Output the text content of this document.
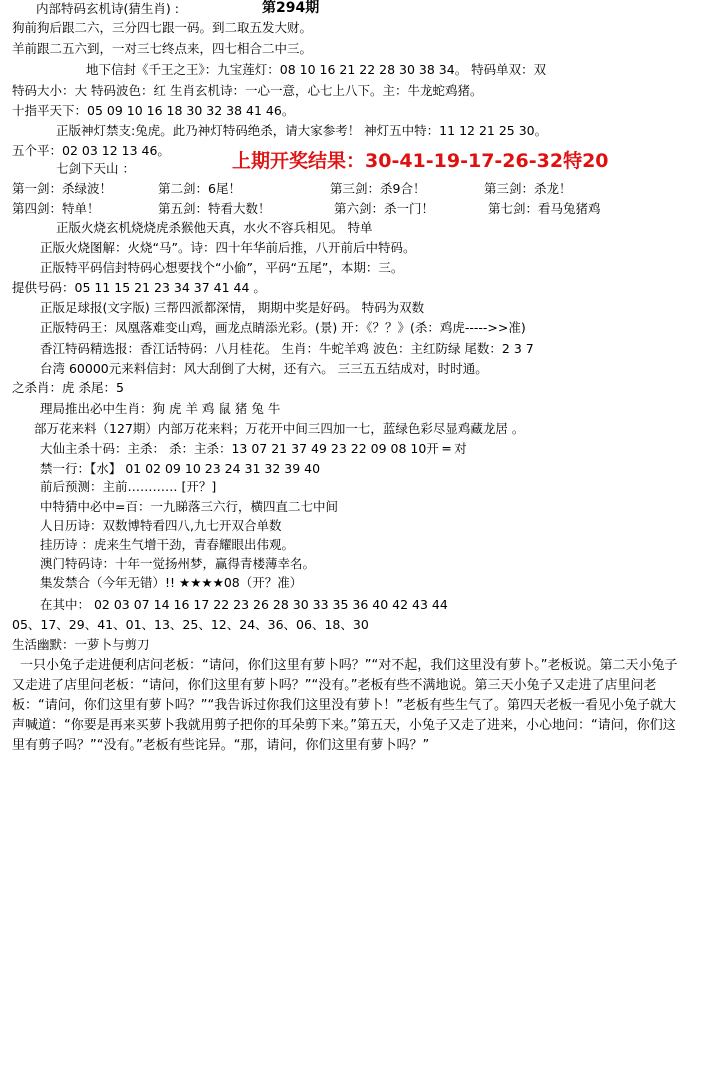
内部特码玄机诗(猜生肖) :	第294期
狗前狗后跟二六，三分四七跟一码。到二取五发大财。
羊前跟二五六到，一对三七终点来，四七相合二中三。
地下信封《千王之王》：九宝莲灯：08 10 16 21 22 28 30 38 34。 特码单双：双
特码大小：大 特码波色：红 生肖玄机诗：一心一意，心七上八下。主：牛龙蛇鸡猪。
十指平天下：05 09 10 16 18 30 32 38 41 46。
正版神灯禁支:兔虎。此乃神灯特码绝杀，请大家参考！ 神灯五中特：11 12 21 25 30。
五个平：02 03 12 13 46。	上期开奖结果：30-41-19-17-26-32特20
七剑下天山 ：
第一剑：杀绿波！	第二剑：6尾！	第三剑：杀9合！	第三剑：杀龙！
第四剑：特单！	第五剑：特看大数！	第六剑：杀一门！	第七剑：看马兔猪鸡
正版火烧玄机烧烧虎杀猴他天真，水火不容兵相见。 特单
正版火烧图解：火烧“马”。诗：四十年华前后推，八开前后中特码。
正版特平码信封特码心想要找个“小偷”，平码“五尾”，本期：三。
提供号码：05 11 15 21 23 34 37 41 44 。
正版足球报(文字版) 三帮四派都深情， 期期中奖是好码。 特码为双数
正版特码王：凤凰落难变山鸡，画龙点睛添光彩。(景) 开：《？？》(杀：鸡虎----->>准)
香江特码精选报：香江话特码：八月桂花。 生肖：牛蛇羊鸡 波色：主红防绿 尾数：2 3 7
台湾 60000元来料信封：风大刮倒了大树，还有六。 三三五五结成对，时时通。
之杀肖：虎 杀尾：5
理局推出必中生肖：狗 虎 羊 鸡 鼠 猪 兔 牛
部万花来料（127期）内部万花来料；万花开中间三四加一七，蓝绿色彩尽显鸡藏龙居 。
大仙主杀十码：主杀： 杀：主杀：13 07 21 37 49 23 22 09 08 10开 ═ 对
禁一行：【水】 01 02 09 10 23 24 31 32 39 40
前后预测：主前………… [开？]
中特猜中必中=百：一九睇落三六行，横四直二七中间
人日历诗：双数博特看四八,九七开双合单数
挂历诗 ：虎来生气增干劲，青春耀眼出伟观。
澳门特码诗：十年一觉扬州梦，赢得青楼薄幸名。
集发禁合（今年无错）!! ★★★★08（开？准）
在其中： 02 03 07 14 16 17 22 23 26 28 30 33 35 36 40 42 43 44
05、17、29、41、01、13、25、12、24、36、06、18、30
生活幽默：一萝卜与剪刀
一只小兔子走进便利店问老板：“请问，你们这里有萝卜吗？”“对不起，我们这里没有萝卜。”老板说。第二天小兔子又走进了店里问老板：“请问，你们这里有萝卜吗？”“没有。”老板有些不满地说。第三天小兔子又走进了店里问老板：“请问，你们这里有萝卜吗？”“我告诉过你我们这里没有萝卜！”老板有些生气了。第四天老板一看见小兔子就大声喊道：“你要是再来买萝卜我就用剪子把你的耳朵剪下来。”第五天，小兔子又走了进来，小心地问：“请问，你们这里有剪子吗？”“没有。”老板有些诧异。“那，请问，你们这里有萝卜吗？”
